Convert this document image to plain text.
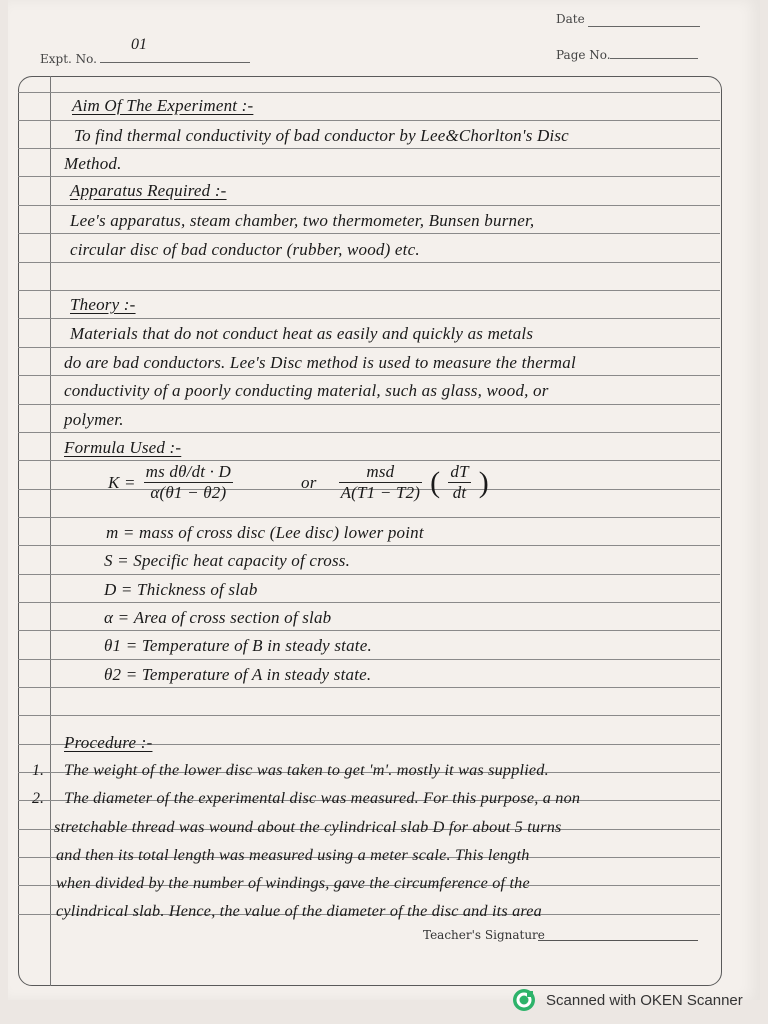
Date
Expt. No.
01
Page No.
Aim Of The Experiment :-
To find thermal conductivity of bad conductor by Lee&Chorlton's Disc
Method.
Apparatus Required :-
Lee's apparatus, steam chamber, two thermometer, Bunsen burner,
circular disc of bad conductor (rubber, wood) etc.
Theory :-
Materials that do not conduct heat as easily and quickly as metals
do are bad conductors. Lee's Disc method is used to measure the thermal
conductivity of a poorly conducting material, such as glass, wood, or
polymer.
Formula Used :-
$K = \frac{\text{ms dθ/dt · D}}{\alpha(\theta 1 - \theta 2)}$	or $\frac{\text{msd}}{A(T1 - T2)}$ ( $\frac{dT}{dt}$ )
m = mass of cross disc (Lee disc) lower point
S = Specific heat capacity of cross.
D = Thickness of slab
α = Area of cross section of slab
θ1 = Temperature of B in steady state.
θ2 = Temperature of A in steady state.
Procedure :-
1. The weight of the lower disc was taken to get 'm'. mostly it was supplied.
2. The diameter of the experimental disc was measured. For this purpose, a non
stretchable thread was wound about the cylindrical slab D for about 5 turns
and then its total length was measured using a meter scale. This length
when divided by the number of windings, gave the circumference of the
cylindrical slab. Hence, the value of the diameter of the disc and its area
Teacher's Signature
Scanned with OKEN Scanner
